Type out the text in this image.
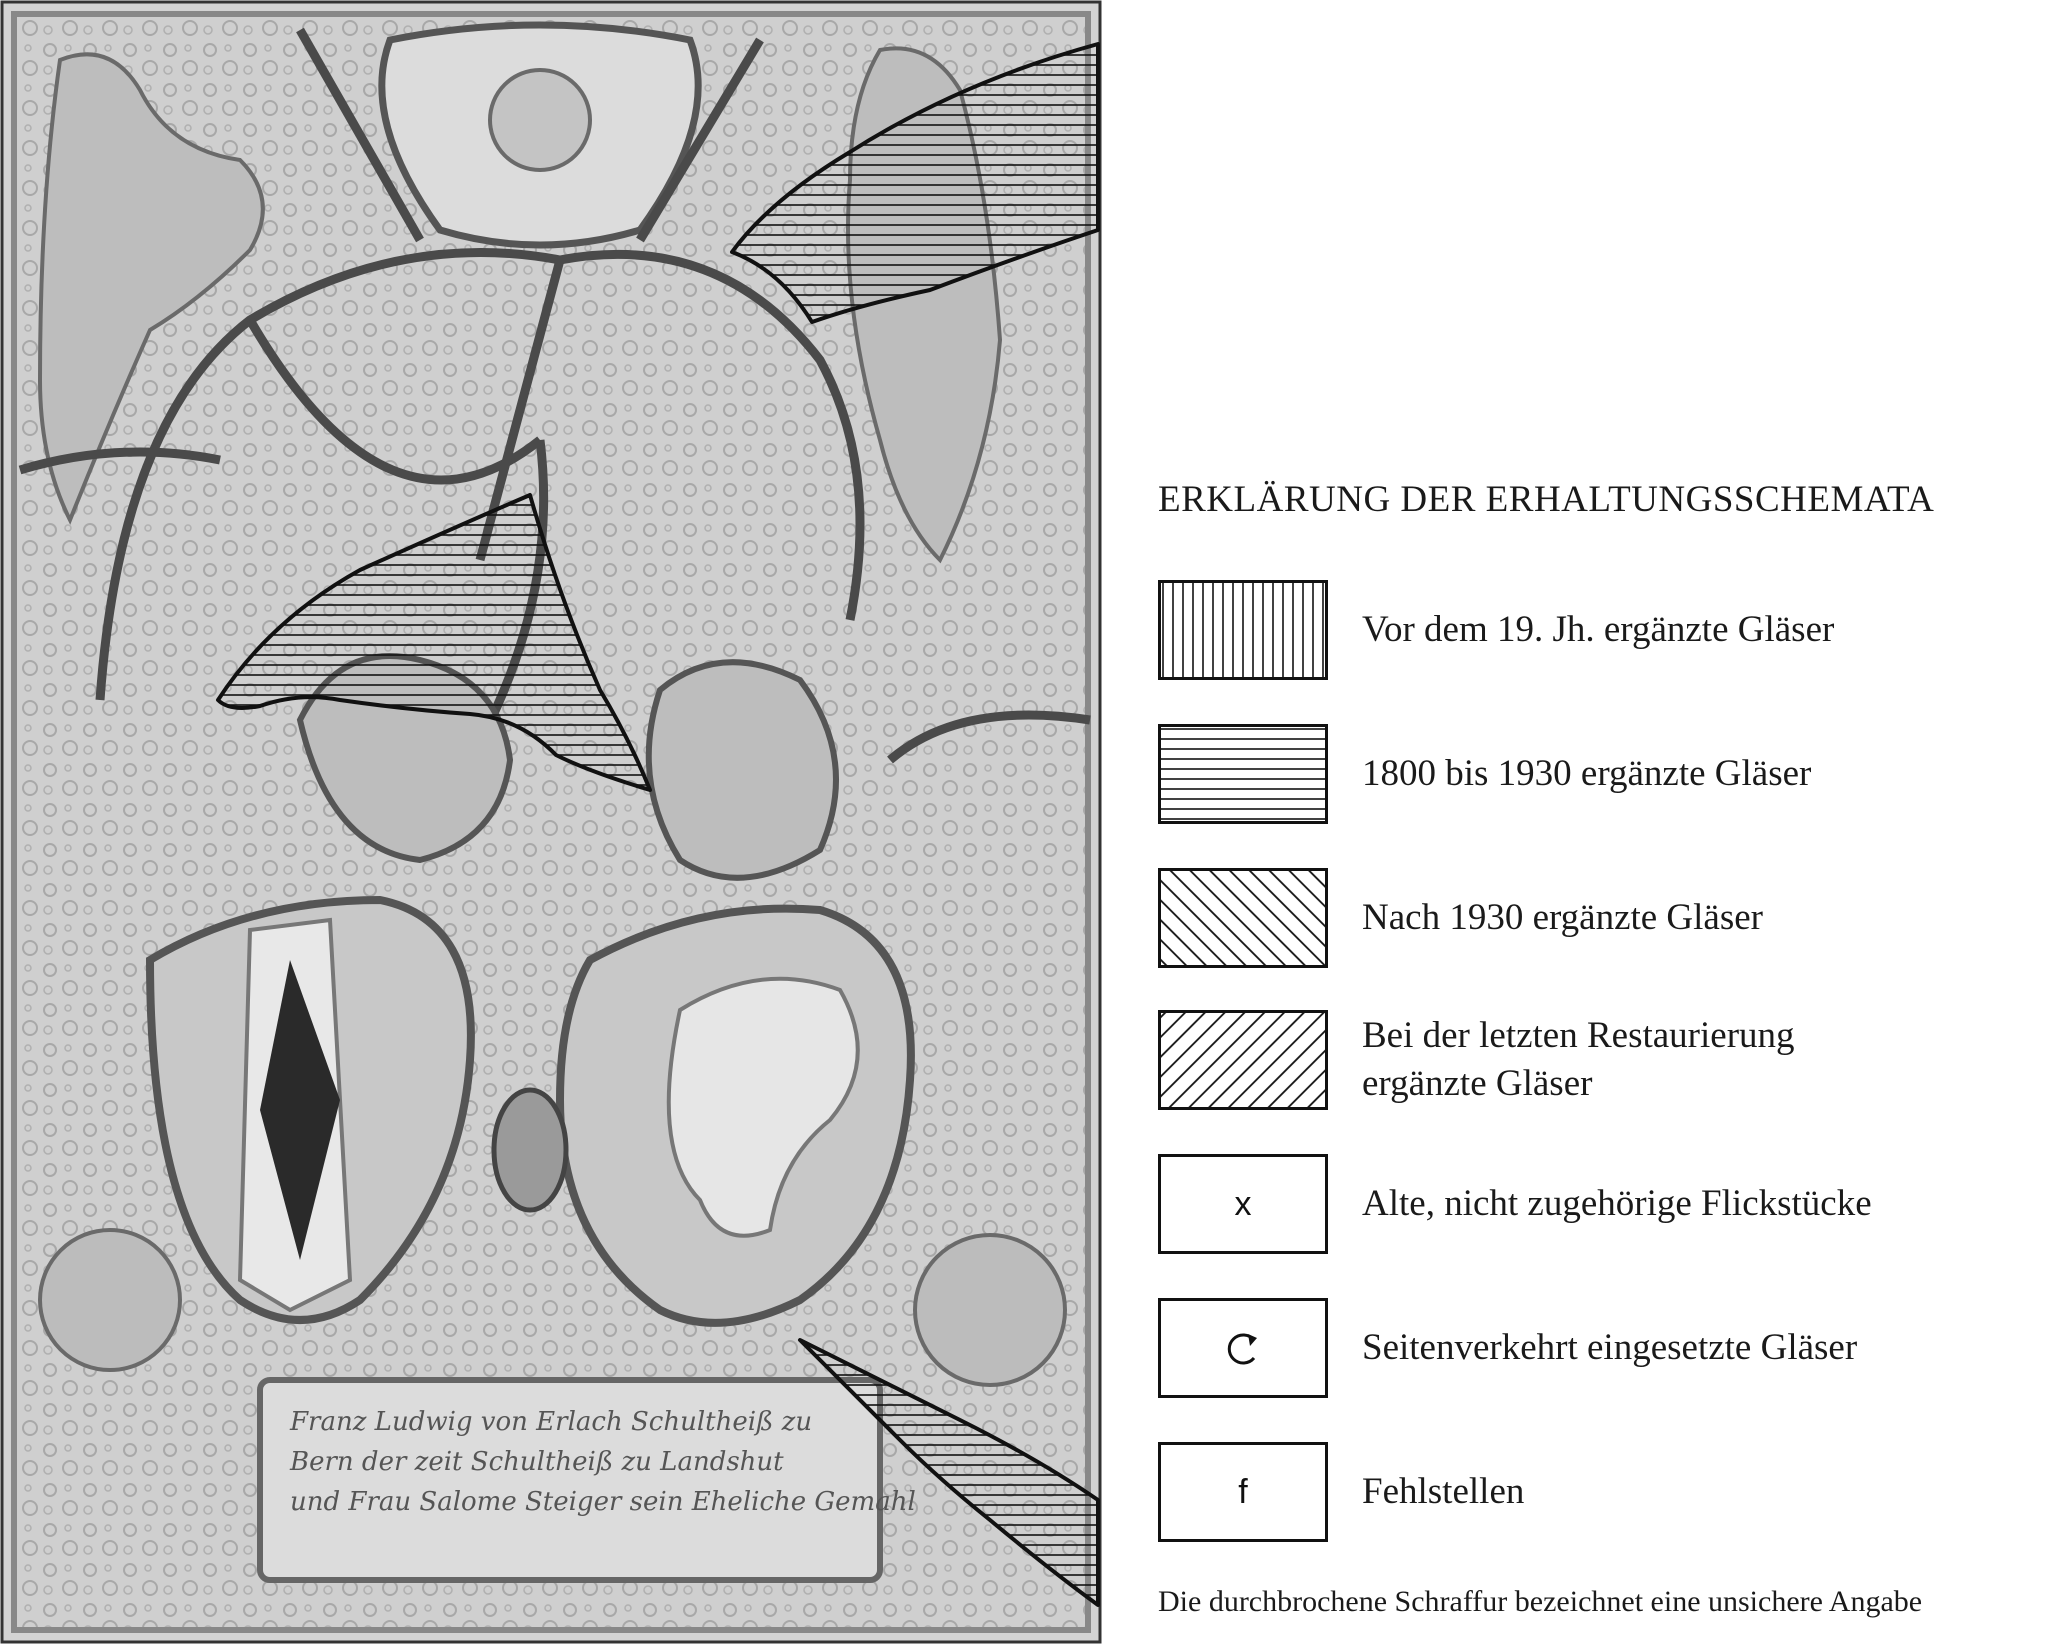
Franz Ludwig von Erlach Schultheiß zu
Bern der zeit Schultheiß zu Landshut
und Frau Salome Steiger sein Eheliche Gemahl
ERKLÄRUNG DER ERHALTUNGSSCHEMATA
Vor dem 19. Jh. ergänzte Gläser
1800 bis 1930 ergänzte Gläser
Nach 1930 ergänzte Gläser
Bei der letzten Restaurierung
ergänzte Gläser
x	Alte, nicht zugehörige Flickstücke
Seitenverkehrt eingesetzte Gläser
f	Fehlstellen
Die durchbrochene Schraffur bezeichnet eine unsichere Angabe
